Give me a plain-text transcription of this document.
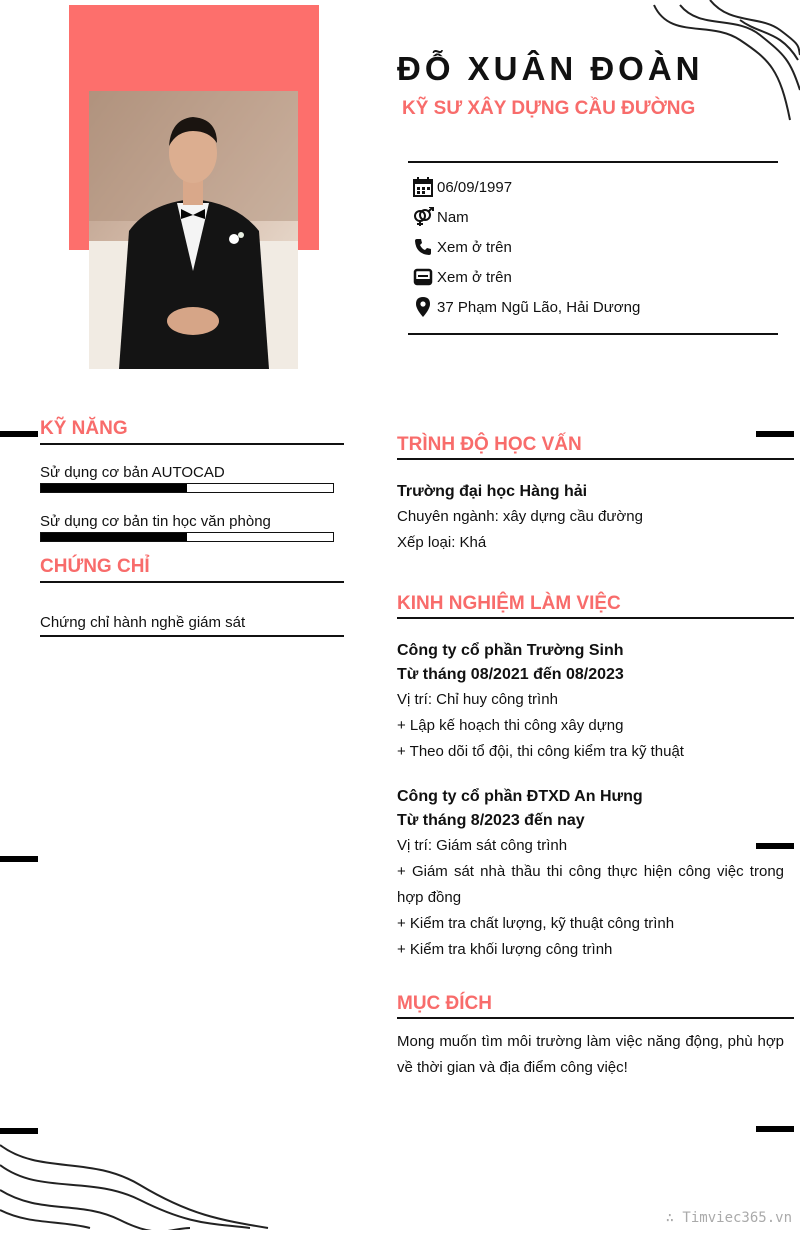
ĐỖ XUÂN ĐOÀN
KỸ SƯ XÂY DỰNG CẦU ĐƯỜNG
06/09/1997
Nam
Xem ở trên
Xem ở trên
37 Phạm Ngũ Lão, Hải Dương
KỸ NĂNG
Sử dụng cơ bản AUTOCAD
Sử dụng cơ bản tin học văn phòng
CHỨNG CHỈ
Chứng chỉ hành nghề giám sát
TRÌNH ĐỘ HỌC VẤN
Trường đại học Hàng hải
Chuyên ngành: xây dựng cầu đường
Xếp loại: Khá
KINH NGHIỆM LÀM VIỆC
Công ty cổ phần Trường Sinh
Từ tháng 08/2021 đến 08/2023
Vị trí: Chỉ huy công trình
+ Lập kế hoạch thi công xây dựng
+ Theo dõi tổ đội, thi công kiểm tra kỹ thuật
Công ty cổ phần ĐTXD An Hưng
Từ tháng 8/2023 đến nay
Vị trí: Giám sát công trình
+ Giám sát nhà thầu thi công thực hiện công việc trong
hợp đồng
+ Kiểm tra chất lượng, kỹ thuật công trình
+ Kiểm tra khối lượng công trình
MỤC ĐÍCH
Mong muốn tìm môi trường làm việc năng động, phù hợp
về thời gian và địa điểm công việc!
∴ Timviec365.vn
